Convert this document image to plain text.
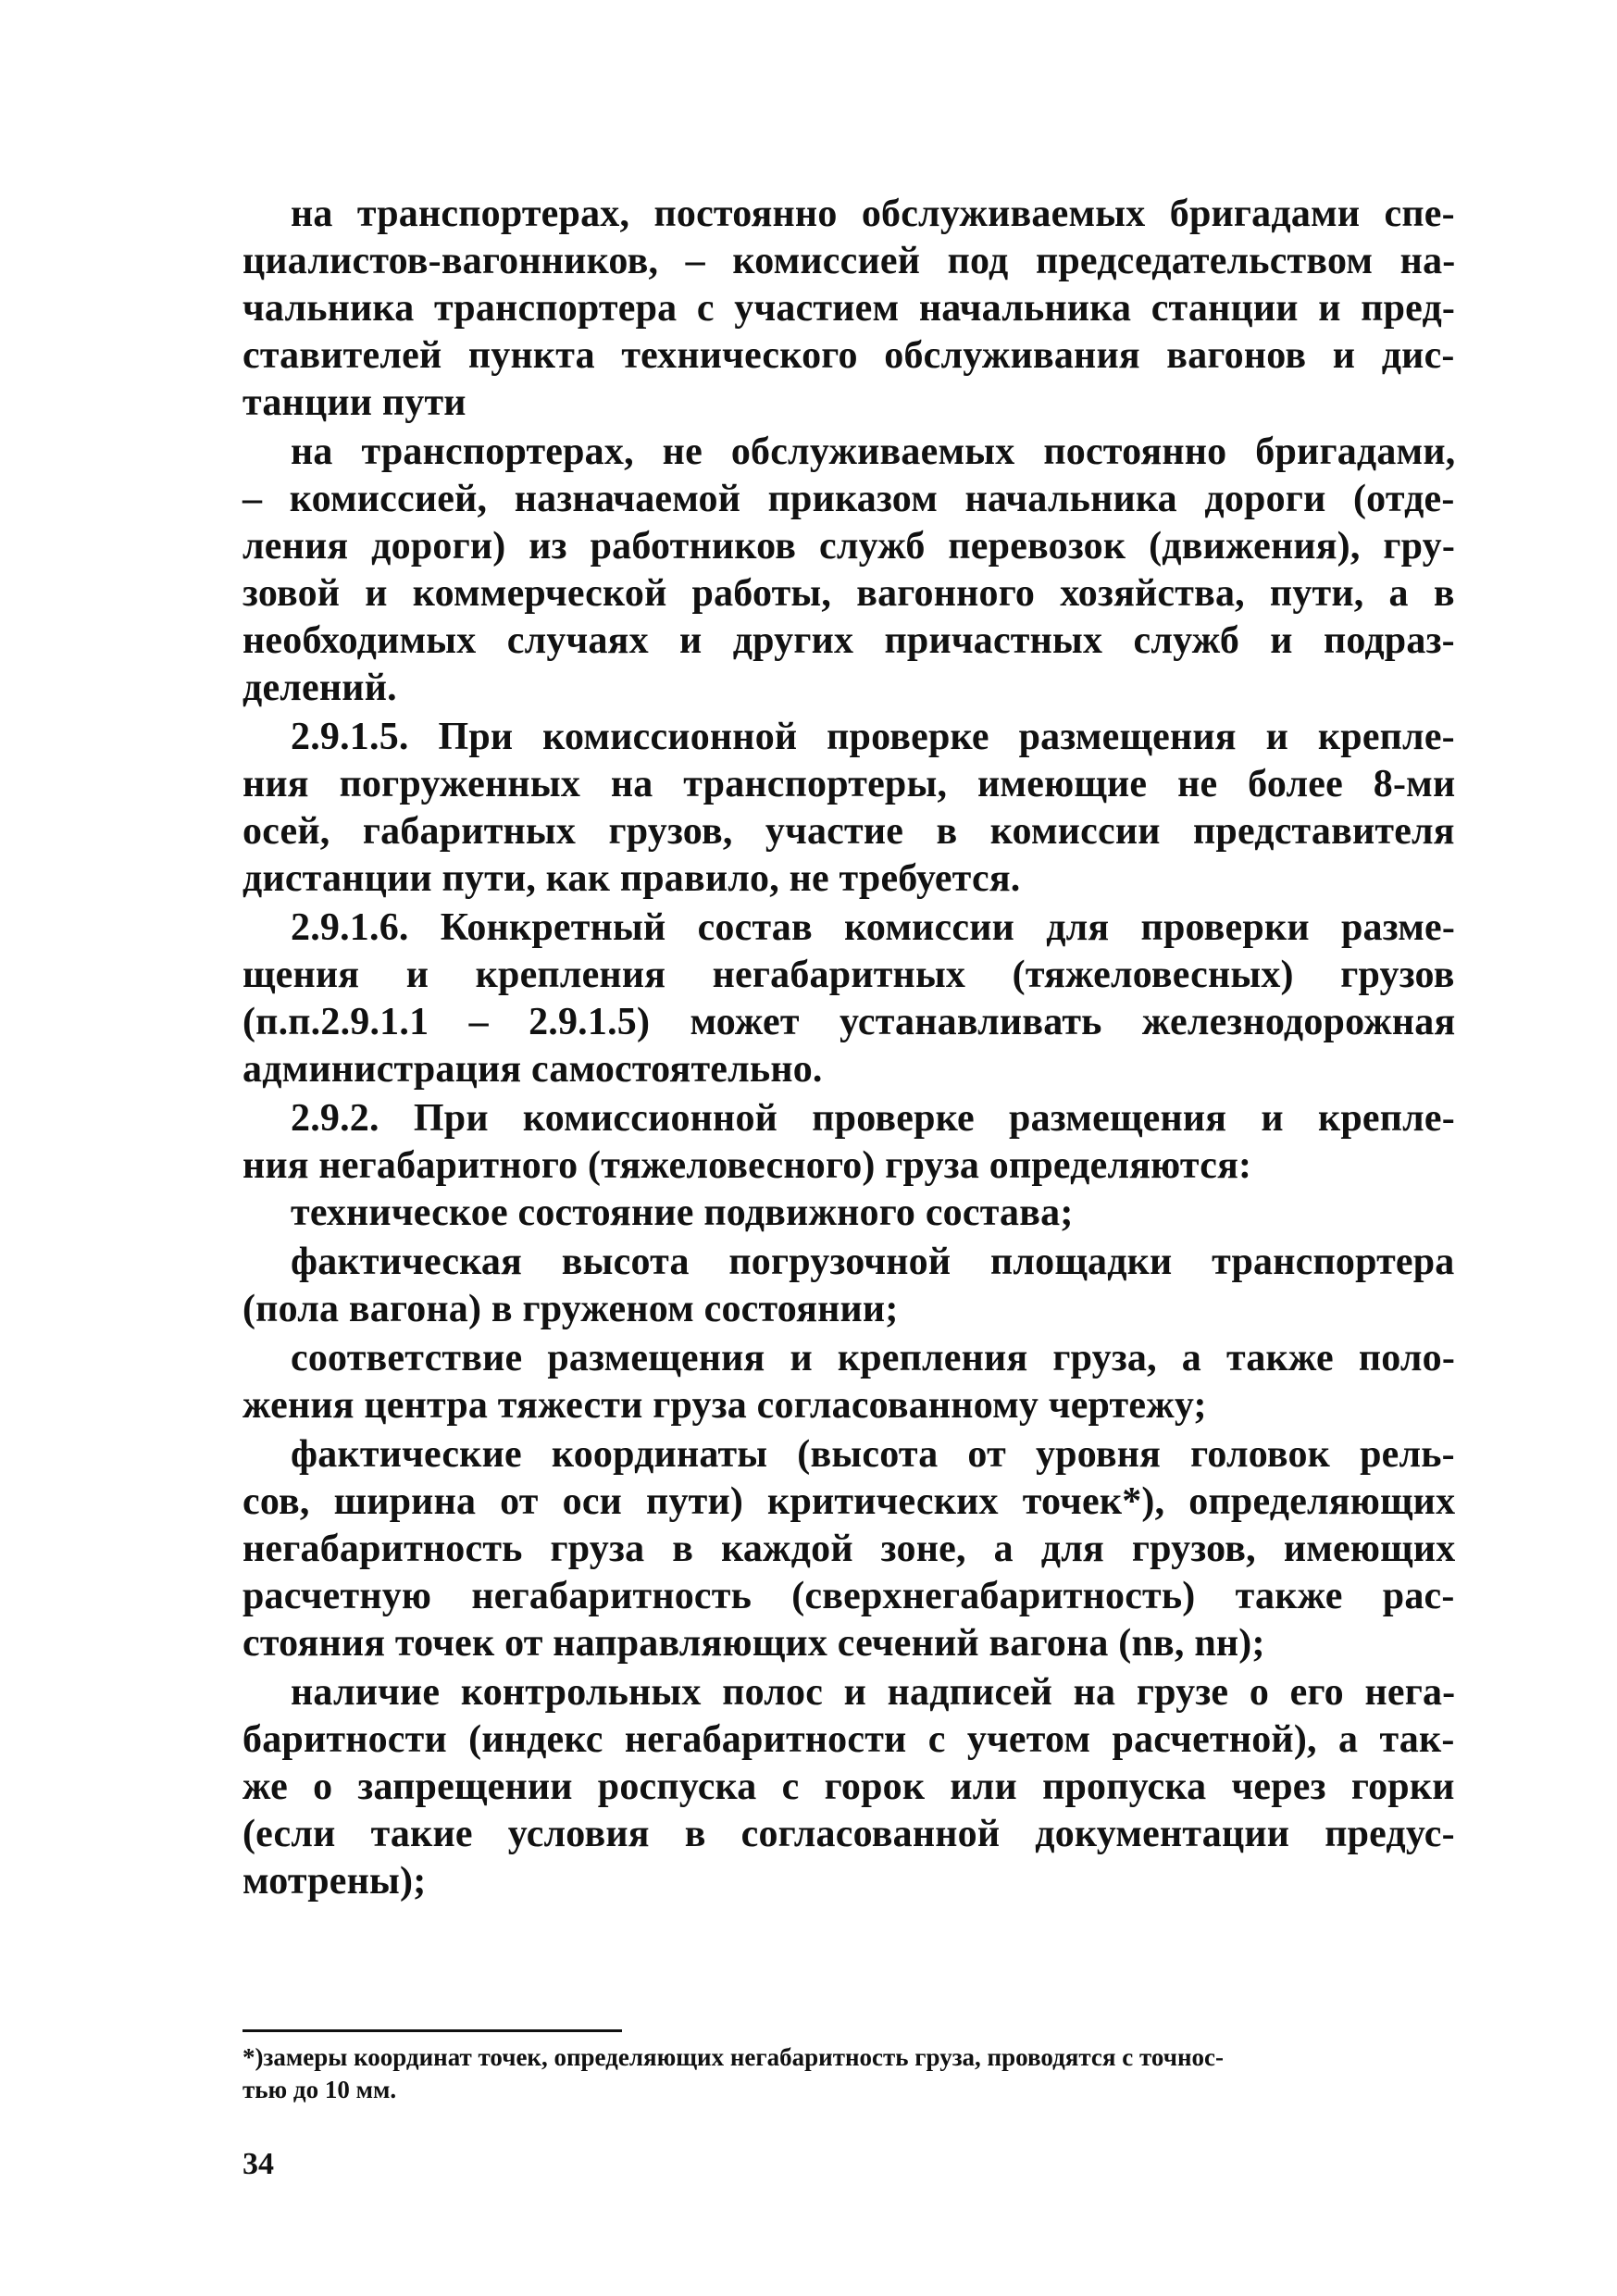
на транспортерах, постоянно обслуживаемых бригадами спе-
циалистов-вагонников, – комиссией под председательством на-
чальника транспортера с участием начальника станции и пред-
ставителей пункта технического обслуживания вагонов и дис-
танции пути
на транспортерах, не обслуживаемых постоянно бригадами,
– комиссией, назначаемой приказом начальника дороги (отде-
ления дороги) из работников служб перевозок (движения), гру-
зовой и коммерческой работы, вагонного хозяйства, пути, а в
необходимых случаях и других причастных служб и подраз-
делений.
2.9.1.5. При комиссионной проверке размещения и крепле-
ния погруженных на транспортеры, имеющие не более 8-ми
осей, габаритных грузов, участие в комиссии представителя
дистанции пути, как правило, не требуется.
2.9.1.6. Конкретный состав комиссии для проверки разме-
щения и крепления негабаритных (тяжеловесных) грузов
(п.п.2.9.1.1 – 2.9.1.5) может устанавливать железнодорожная
администрация самостоятельно.
2.9.2. При комиссионной проверке размещения и крепле-
ния негабаритного (тяжеловесного) груза определяются:
техническое состояние подвижного состава;
фактическая высота погрузочной площадки транспортера
(пола вагона) в груженом состоянии;
соответствие размещения и крепления груза, а также поло-
жения центра тяжести груза согласованному чертежу;
фактические координаты (высота от уровня головок рель-
сов, ширина от оси пути) критических точек*), определяющих
негабаритность груза в каждой зоне, а для грузов, имеющих
расчетную негабаритность (сверхнегабаритность) также рас-
стояния точек от направляющих сечений вагона (nв, nн);
наличие контрольных полос и надписей на грузе о его нега-
баритности (индекс негабаритности с учетом расчетной), а так-
же о запрещении роспуска с горок или пропуска через горки
(если такие условия в согласованной документации предус-
мотрены);
*)замеры координат точек, определяющих негабаритность груза, проводятся с точнос-
тью до 10 мм.
34
